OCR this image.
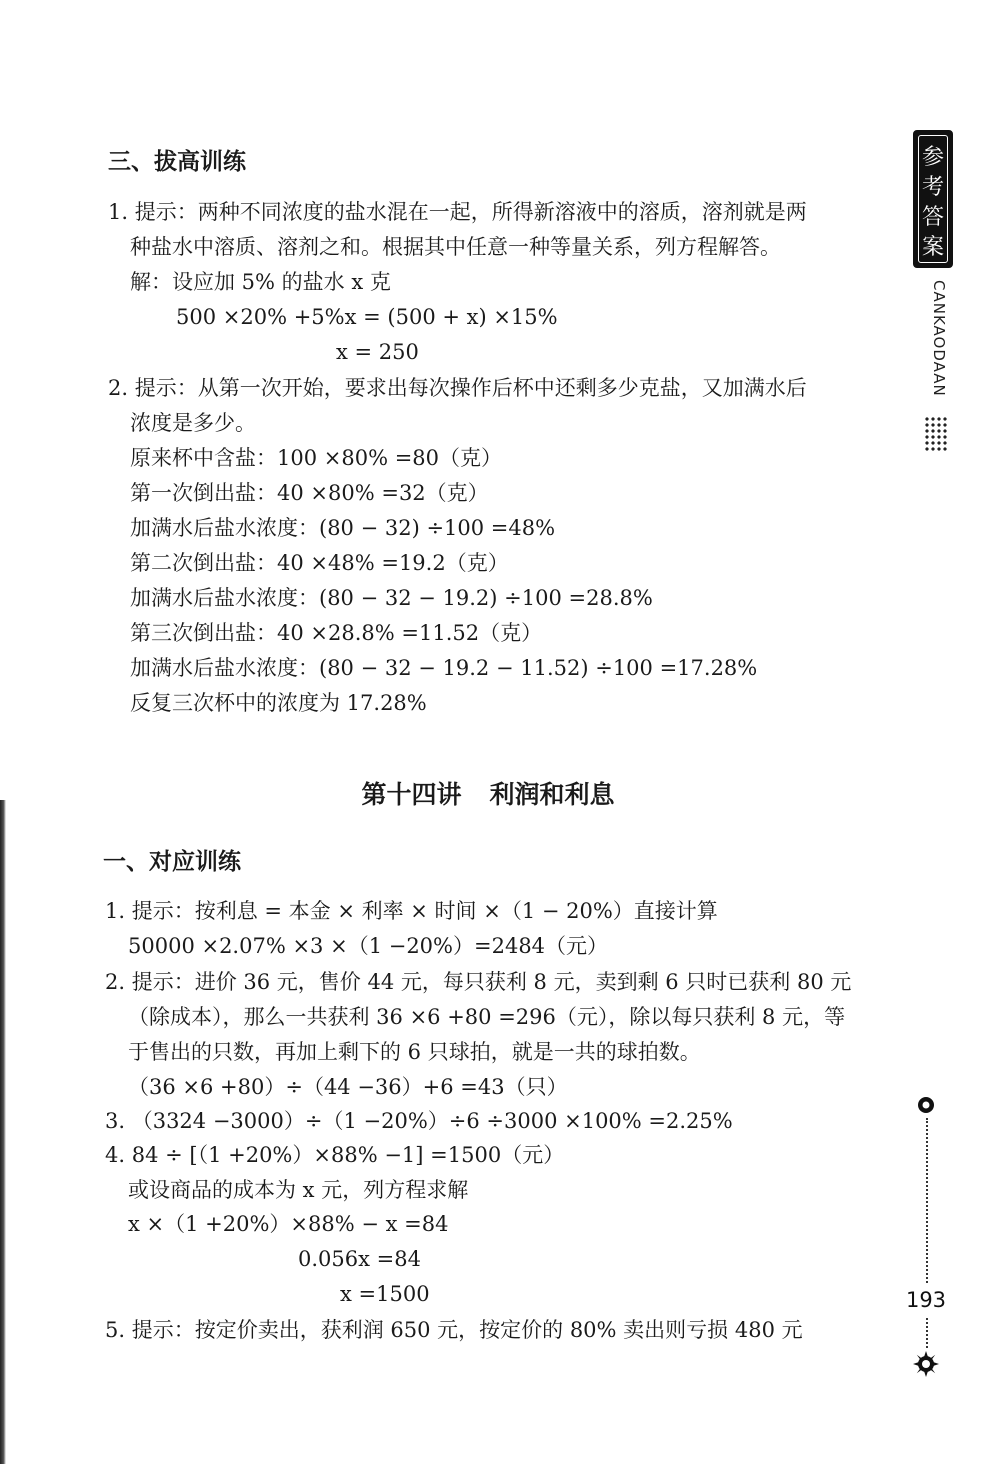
三、拔高训练
1. 提示：两种不同浓度的盐水混在一起，所得新溶液中的溶质，溶剂就是两
种盐水中溶质、溶剂之和。根据其中任意一种等量关系，列方程解答。
解：设应加 5% 的盐水 x 克
500 ×20% +5%x = (500 + x) ×15%
x = 250
2. 提示：从第一次开始，要求出每次操作后杯中还剩多少克盐，又加满水后
浓度是多少。
原来杯中含盐：100 ×80% =80（克）
第一次倒出盐：40 ×80% =32（克）
加满水后盐水浓度：(80 − 32) ÷100 =48%
第二次倒出盐：40 ×48% =19.2（克）
加满水后盐水浓度：(80 − 32 − 19.2) ÷100 =28.8%
第三次倒出盐：40 ×28.8% =11.52（克）
加满水后盐水浓度：(80 − 32 − 19.2 − 11.52) ÷100 =17.28%
反复三次杯中的浓度为 17.28%
第十四讲 利润和利息
一、对应训练
1. 提示：按利息 = 本金 × 利率 × 时间 ×（1 − 20%）直接计算
50000 ×2.07% ×3 ×（1 −20%）=2484（元）
2. 提示：进价 36 元，售价 44 元，每只获利 8 元，卖到剩 6 只时已获利 80 元
（除成本），那么一共获利 36 ×6 +80 =296（元），除以每只获利 8 元，等
于售出的只数，再加上剩下的 6 只球拍，就是一共的球拍数。
（36 ×6 +80）÷（44 −36）+6 =43（只）
3. （3324 −3000）÷（1 −20%）÷6 ÷3000 ×100% =2.25%
4. 84 ÷ [（1 +20%）×88% −1] =1500（元）
或设商品的成本为 x 元，列方程求解
x ×（1 +20%）×88% − x =84
0.056x =84
x =1500
5. 提示：按定价卖出，获利润 650 元，按定价的 80% 卖出则亏损 480 元
参
考
答
案
CANKAODAAN
193
